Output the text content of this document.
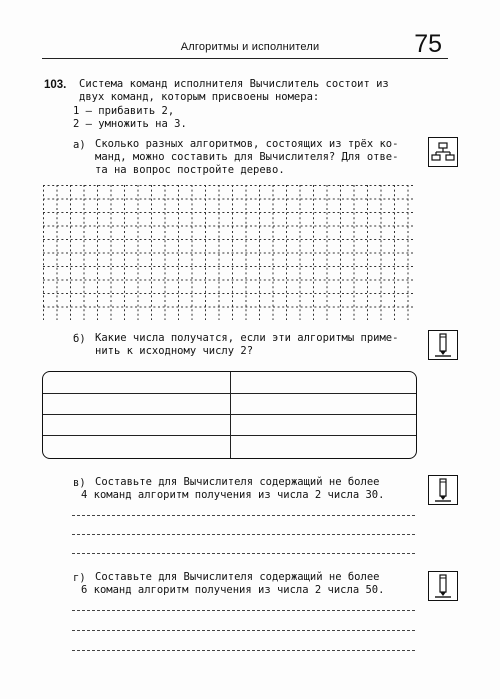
Алгоритмы и исполнители	75
103. Система команд исполнителя Вычислитель состоит из
двух команд, которым присвоены номера:
1 — прибавить 2,
2 — умножить на 3.
а) Сколько разных алгоритмов, состоящих из трёх ко-
манд, можно составить для Вычислителя? Для отве-
та на вопрос постройте дерево.
б) Какие числа получатся, если эти алгоритмы приме-
нить к исходному числу 2?
в) Составьте для Вычислителя содержащий не более
4 команд алгоритм получения из числа 2 числа 30.
г) Составьте для Вычислителя содержащий не более
6 команд алгоритм получения из числа 2 числа 50.
